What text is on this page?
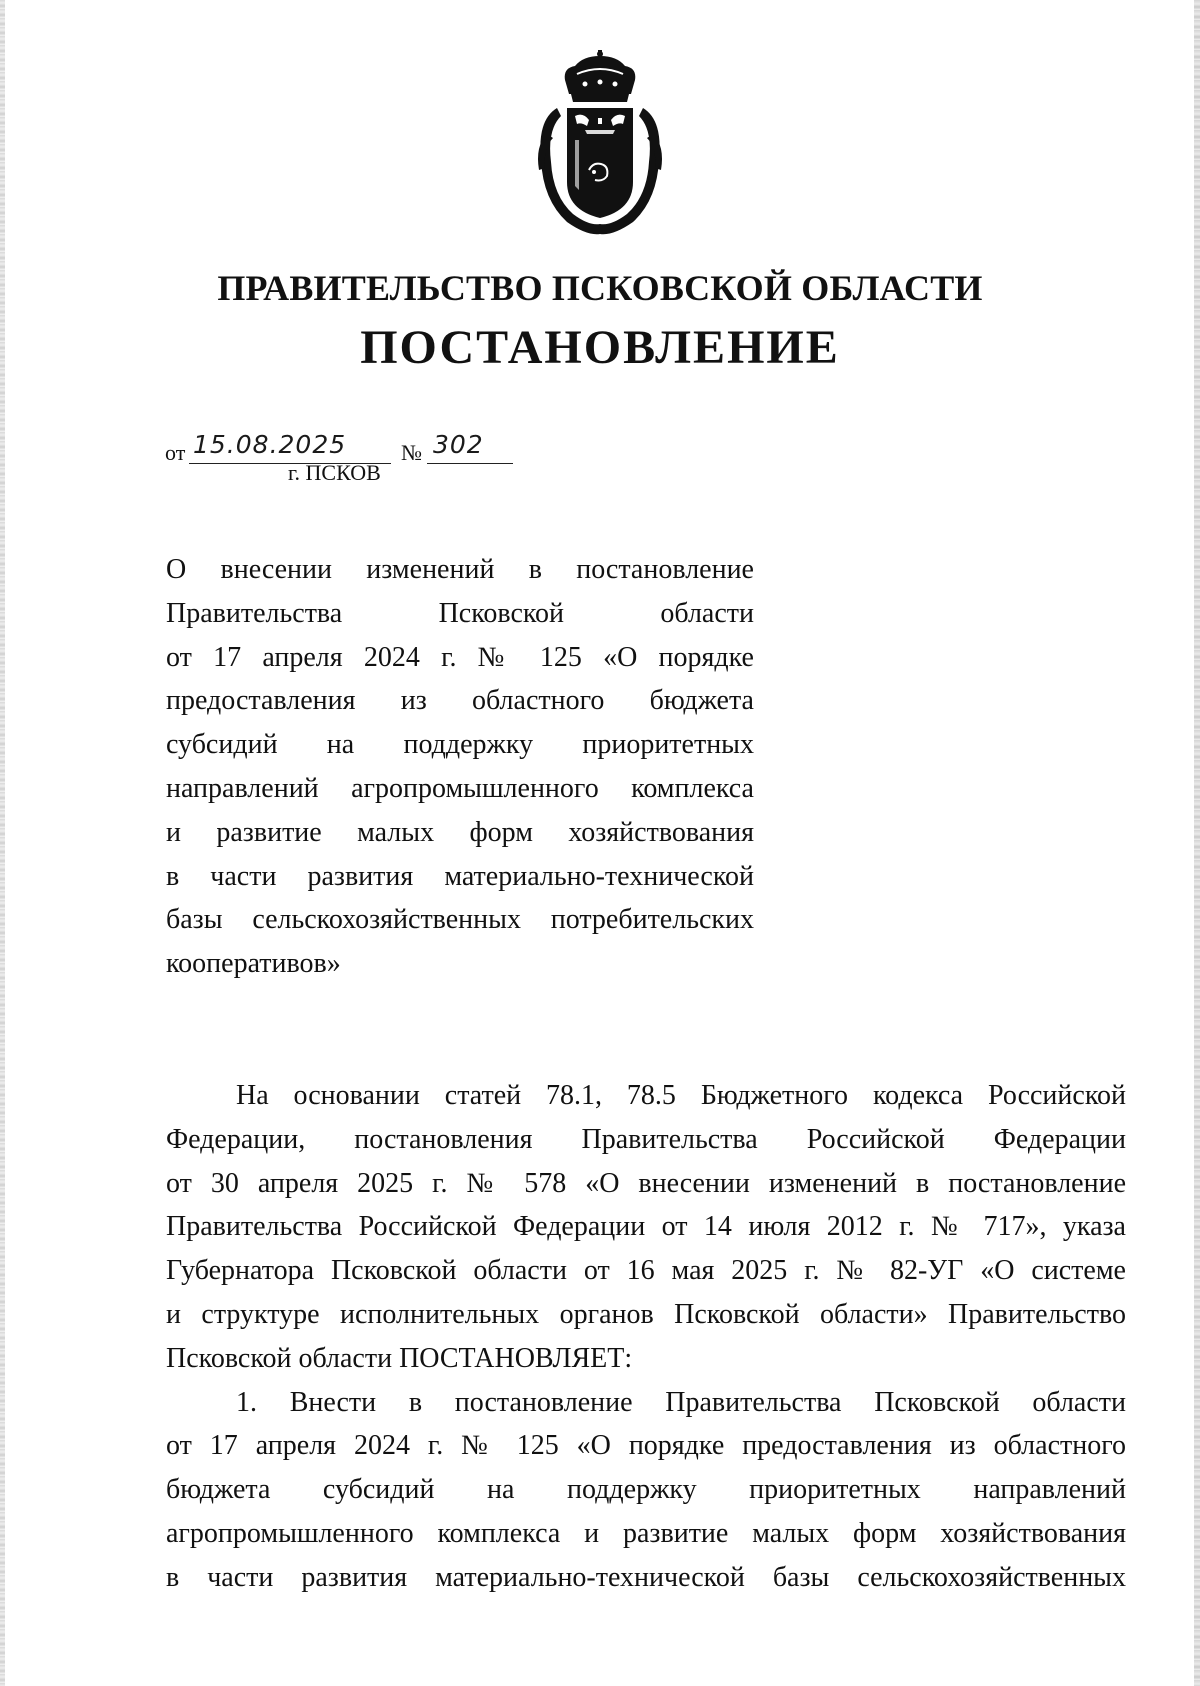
ПРАВИТЕЛЬСТВО ПСКОВСКОЙ ОБЛАСТИ
ПОСТАНОВЛЕНИЕ
от 15.08.2025 № 302
г. ПСКОВ
О внесении изменений в постановление
Правительства Псковской области
от 17 апреля 2024 г. № 125 «О порядке
предоставления из областного бюджета
субсидий на поддержку приоритетных
направлений агропромышленного комплекса
и развитие малых форм хозяйствования
в части развития материально-технической
базы сельскохозяйственных потребительских
кооперативов»
На основании статей 78.1, 78.5 Бюджетного кодекса Российской
Федерации, постановления Правительства Российской Федерации
от 30 апреля 2025 г. № 578 «О внесении изменений в постановление
Правительства Российской Федерации от 14 июля 2012 г. № 717», указа
Губернатора Псковской области от 16 мая 2025 г. № 82-УГ «О системе
и структуре исполнительных органов Псковской области» Правительство
Псковской области ПОСТАНОВЛЯЕТ:
1. Внести в постановление Правительства Псковской области
от 17 апреля 2024 г. № 125 «О порядке предоставления из областного
бюджета субсидий на поддержку приоритетных направлений
агропромышленного комплекса и развитие малых форм хозяйствования
в части развития материально-технической базы сельскохозяйственных
